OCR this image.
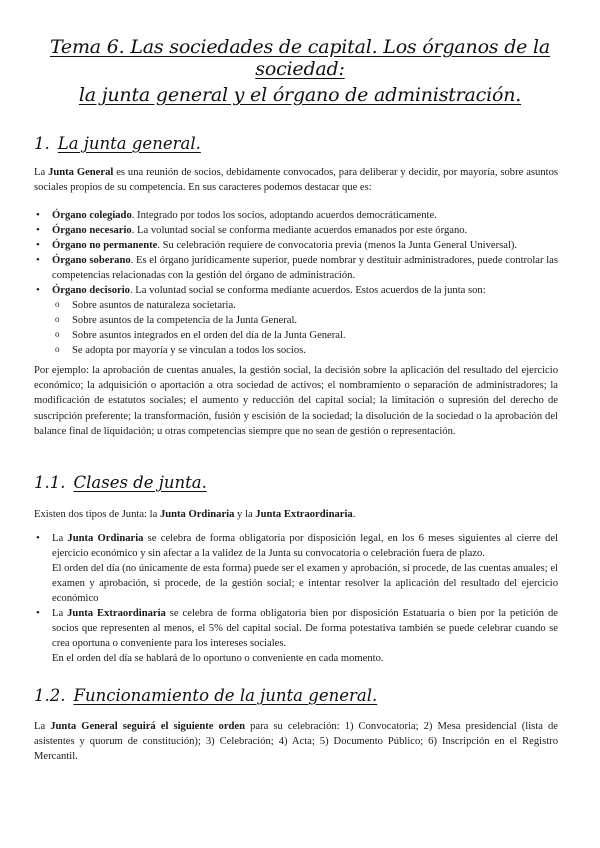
Tema 6. Las sociedades de capital. Los órganos de la sociedad:
la junta general y el órgano de administración.
1. La junta general.
La Junta General es una reunión de socios, debidamente convocados, para deliberar y decidir, por mayoría, sobre asuntos sociales propios de su competencia. En sus caracteres podemos destacar que es:
• Órgano colegiado. Integrado por todos los socios, adoptando acuerdos democráticamente.
• Órgano necesario. La voluntad social se conforma mediante acuerdos emanados por este órgano.
• Órgano no permanente. Su celebración requiere de convocatoria previa (menos la Junta General Universal).
• Órgano soberano. Es el órgano jurídicamente superior, puede nombrar y destituir administradores, puede controlar las competencias relacionadas con la gestión del órgano de administración.
• Órgano decisorio. La voluntad social se conforma mediante acuerdos. Estos acuerdos de la junta son:
o Sobre asuntos de naturaleza societaria.
o Sobre asuntos de la competencia de la Junta General.
o Sobre asuntos integrados en el orden del día de la Junta General.
o Se adopta por mayoría y se vinculan a todos los socios.
Por ejemplo: la aprobación de cuentas anuales, la gestión social, la decisión sobre la aplicación del resultado del ejercicio económico; la adquisición o aportación a otra sociedad de activos; el nombramiento o separación de administradores; la modificación de estatutos sociales; el aumento y reducción del capital social; la limitación o supresión del derecho de suscripción preferente; la transformación, fusión y escisión de la sociedad; la disolución de la sociedad o la aprobación del balance final de liquidación; u otras competencias siempre que no sean de gestión o representación.
1.1. Clases de junta.
Existen dos tipos de Junta: la Junta Ordinaria y la Junta Extraordinaria.
• La Junta Ordinaria se celebra de forma obligatoria por disposición legal, en los 6 meses siguientes al cierre del ejercicio económico y sin afectar a la validez de la Junta su convocatoria o celebración fuera de plazo.
El orden del día (no únicamente de esta forma) puede ser el examen y aprobación, si procede, de las cuentas anuales; el examen y aprobación, si procede, de la gestión social; e intentar resolver la aplicación del resultado del ejercicio económico
• La Junta Extraordinaria se celebra de forma obligatoria bien por disposición Estatuaria o bien por la petición de socios que representen al menos, el 5% del capital social. De forma potestativa también se puede celebrar cuando se crea oportuna o conveniente para los intereses sociales.
En el orden del día se hablará de lo oportuno o conveniente en cada momento.
1.2. Funcionamiento de la junta general.
La Junta General seguirá el siguiente orden para su celebración: 1) Convocatoria; 2) Mesa presidencial (lista de asistentes y quorum de constitución); 3) Celebración; 4) Acta; 5) Documento Público; 6) Inscripción en el Registro Mercantil.
